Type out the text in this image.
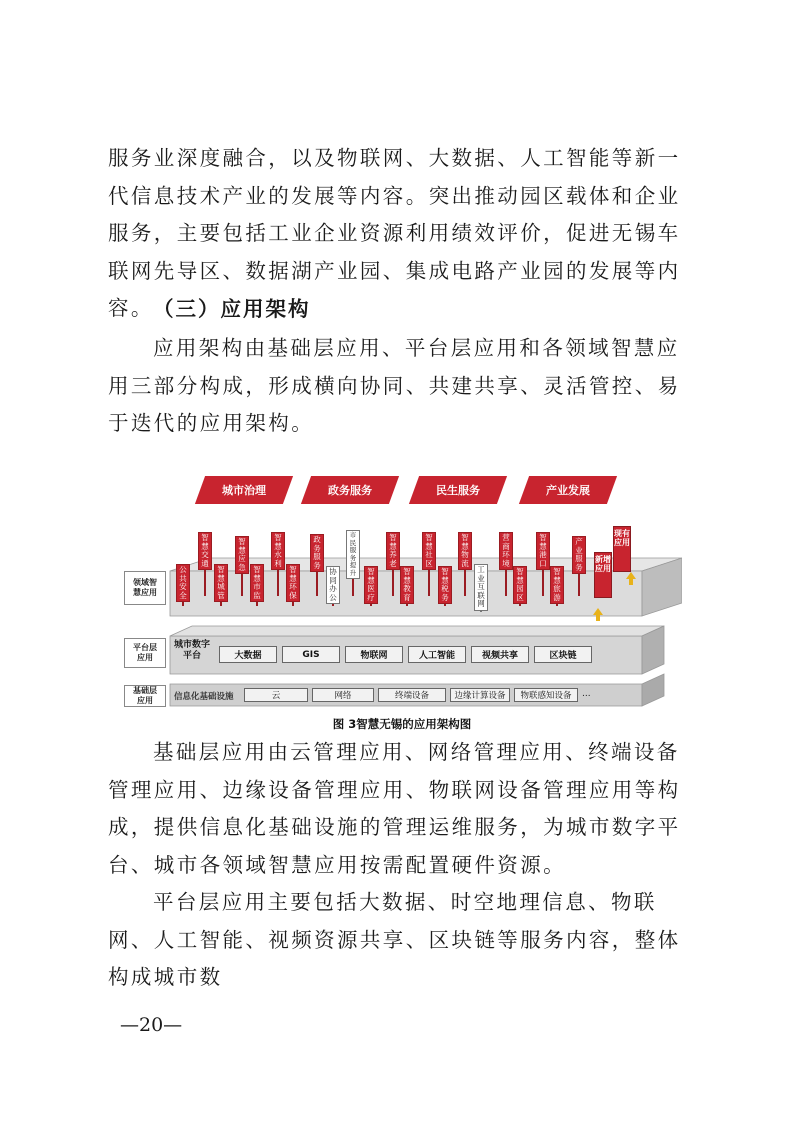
服务业深度融合，以及物联网、大数据、人工智能等新一代信息技术产业的发展等内容。突出推动园区载体和企业服务，主要包括工业企业资源利用绩效评价，促进无锡车联网先导区、数据湖产业园、集成电路产业园的发展等内容。 （三）应用架构

应用架构由基础层应用、平台层应用和各领域智慧应用三部分构成，形成横向协同、共建共享、灵活管控、易于迭代的应用架构。

城市治理	政务服务	民生服务	产业发展
领域智慧应用
平台层应用
基础层应用
智慧交通
智慧应急
智慧水利
政务服务
市民服务提升
智慧养老
智慧社区
智慧物流
营商环境
智慧港口
产业服务
公共安全
智慧城管
智慧市监
智慧环保
协同办公
智慧医疗
智慧教育
智慧税务
工业互联网
智慧园区
智慧旅游
现有应用
新增应用
城市数字平台	大数据	GIS	物联网	人工智能	视频共享	区块链
信息化基础设施	云	网络	终端设备	边缘计算设备	物联感知设备	...
图 3智慧无锡的应用架构图

基础层应用由云管理应用、网络管理应用、终端设备管理应用、边缘设备管理应用、物联网设备管理应用等构成，提供信息化基础设施的管理运维服务，为城市数字平台、城市各领域智慧应用按需配置硬件资源。

平台层应用主要包括大数据、时空地理信息、物联网、人工智能、视频资源共享、区块链等服务内容，整体构成城市数

—20—
